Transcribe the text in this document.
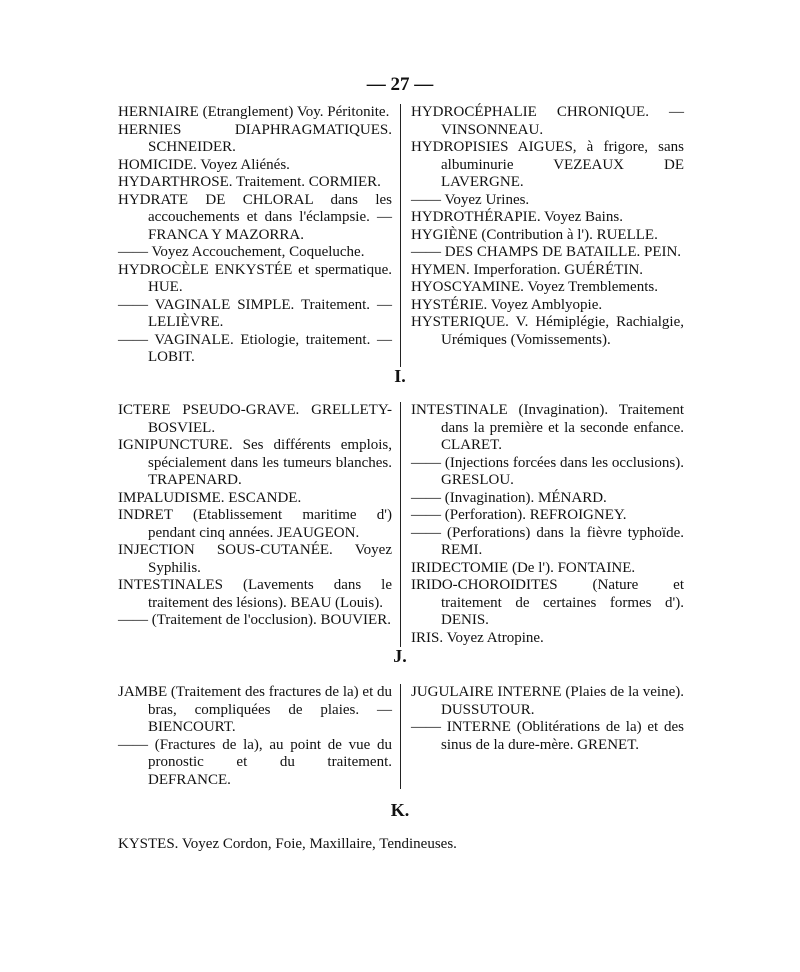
— 27 —
HERNIAIRE (Etranglement) Voy. Péritonite.
HERNIES DIAPHRAGMATIQUES. SCHNEIDER.
HOMICIDE. Voyez Aliénés.
HYDARTHROSE. Traitement. CORMIER.
HYDRATE DE CHLORAL dans les accouchements et dans l'éclampsie. — FRANCA Y MAZORRA.
—— Voyez Accouchement, Coqueluche.
HYDROCÈLE ENKYSTÉE et spermatique. HUE.
—— VAGINALE SIMPLE. Traitement. — LELIÈVRE.
—— VAGINALE. Etiologie, traitement. — LOBIT.
HYDROCÉPHALIE CHRONIQUE. — VINSONNEAU.
HYDROPISIES AIGUES, à frigore, sans albuminurie VEZEAUX DE LAVERGNE.
—— Voyez Urines.
HYDROTHÉRAPIE. Voyez Bains.
HYGIÈNE (Contribution à l'). RUELLE.
—— DES CHAMPS DE BATAILLE. PEIN.
HYMEN. Imperforation. GUÉRÉTIN.
HYOSCYAMINE. Voyez Tremblements.
HYSTÉRIE. Voyez Amblyopie.
HYSTERIQUE. V. Hémiplégie, Rachialgie, Urémiques (Vomissements).
I.
ICTERE PSEUDO-GRAVE. GRELLETY-BOSVIEL.
IGNIPUNCTURE. Ses différents emplois, spécialement dans les tumeurs blanches. TRAPENARD.
IMPALUDISME. ESCANDE.
INDRET (Etablissement maritime d') pendant cinq années. JEAUGEON.
INJECTION SOUS-CUTANÉE. Voyez Syphilis.
INTESTINALES (Lavements dans le traitement des lésions). BEAU (Louis).
—— (Traitement de l'occlusion). BOUVIER.
INTESTINALE (Invagination). Traitement dans la première et la seconde enfance. CLARET.
—— (Injections forcées dans les occlusions). GRESLOU.
—— (Invagination). MÉNARD.
—— (Perforation). REFROIGNEY.
—— (Perforations) dans la fièvre typhoïde. REMI.
IRIDECTOMIE (De l'). FONTAINE.
IRIDO-CHOROIDITES (Nature et traitement de certaines formes d'). DENIS.
IRIS. Voyez Atropine.
J.
JAMBE (Traitement des fractures de la) et du bras, compliquées de plaies. — BIENCOURT.
—— (Fractures de la), au point de vue du pronostic et du traitement. DEFRANCE.
JUGULAIRE INTERNE (Plaies de la veine). DUSSUTOUR.
—— INTERNE (Oblitérations de la) et des sinus de la dure-mère. GRENET.
K.
KYSTES. Voyez Cordon, Foie, Maxillaire, Tendineuses.
